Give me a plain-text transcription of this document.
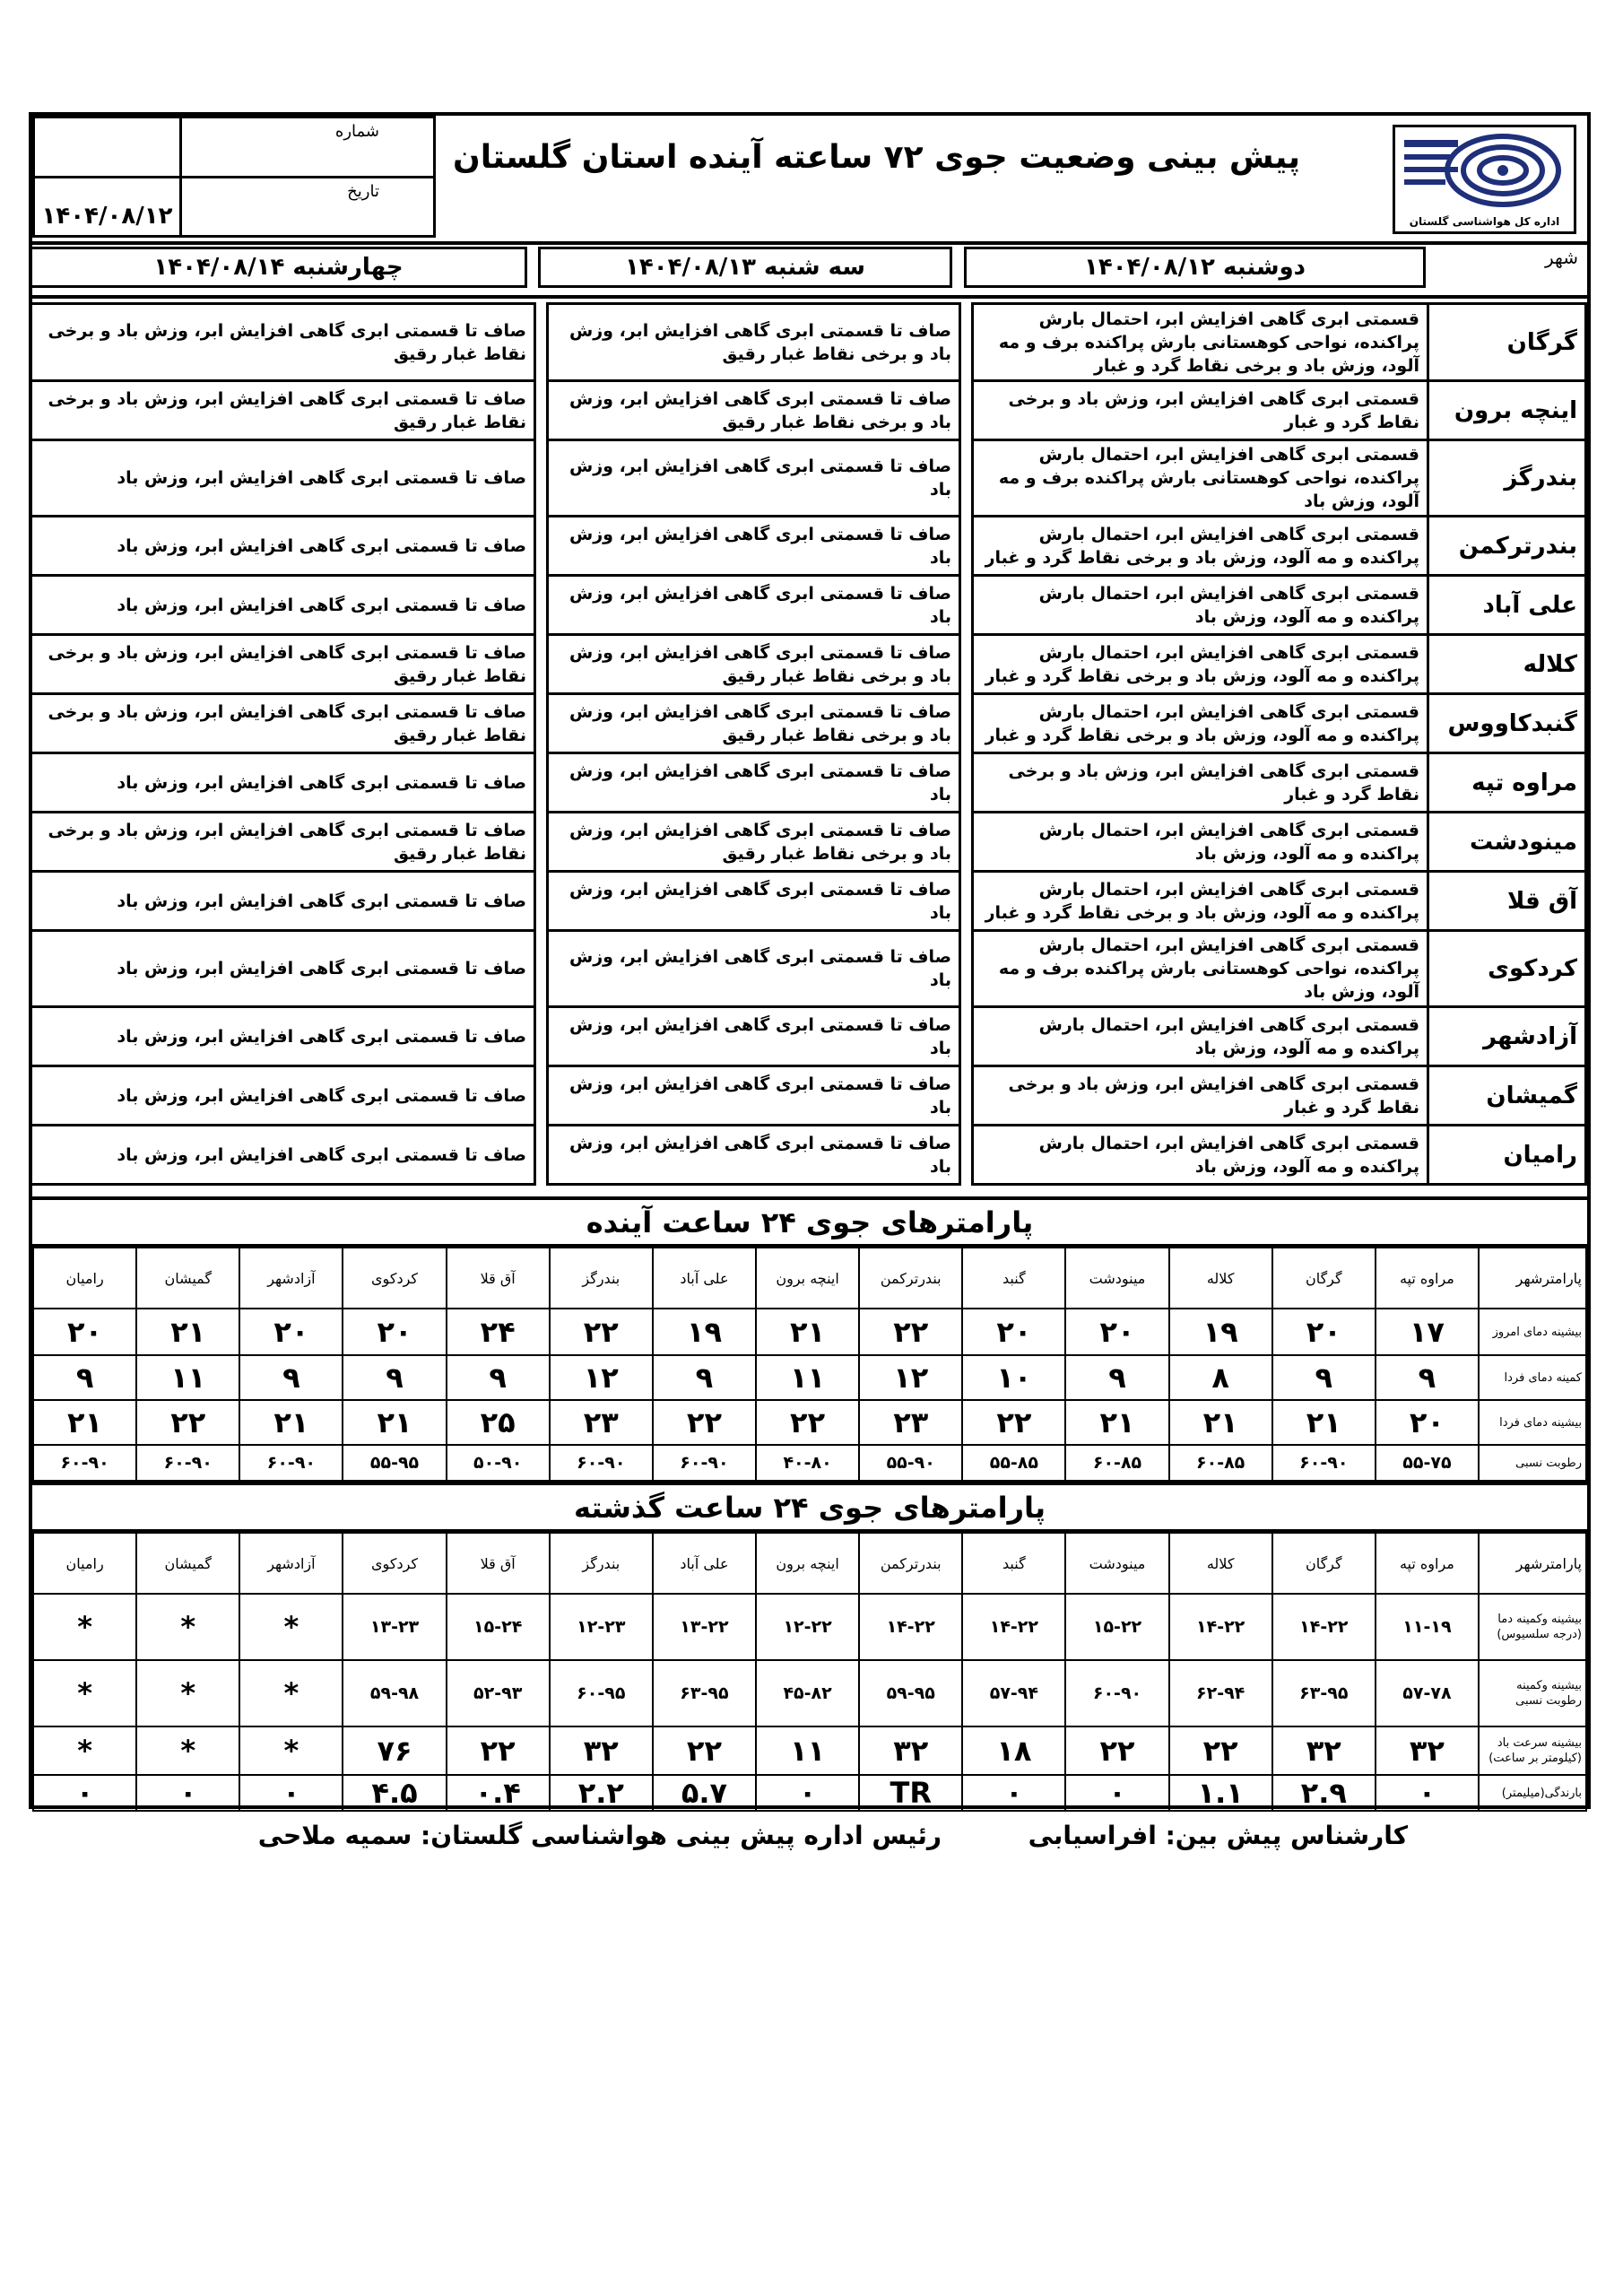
اداره کل هواشناسی گلستان
پیش بینی وضعیت جوی ۷۲ ساعته آینده استان گلستان
شماره	
تاریخ	۱۴۰۴/۰۸/۱۲
شهر
دوشنبه ۱۴۰۴/۰۸/۱۲
سه شنبه ۱۴۰۴/۰۸/۱۳
چهارشنبه ۱۴۰۴/۰۸/۱۴
گرگان	قسمتی ابری گاهی افزایش ابر، احتمال بارش پراکنده، نواحی کوهستانی بارش پراکنده برف و مه آلود، وزش باد و برخی نقاط گرد و غبار		صاف تا قسمتی ابری گاهی افزایش ابر، وزش باد و برخی نقاط غبار رقیق		صاف تا قسمتی ابری گاهی افزایش ابر، وزش باد و برخی نقاط غبار رقیق
اینچه برون	قسمتی ابری گاهی افزایش ابر، وزش باد و برخی نقاط گرد و غبار		صاف تا قسمتی ابری گاهی افزایش ابر، وزش باد و برخی نقاط غبار رقیق		صاف تا قسمتی ابری گاهی افزایش ابر، وزش باد و برخی نقاط غبار رقیق
بندرگز	قسمتی ابری گاهی افزایش ابر، احتمال بارش پراکنده، نواحی کوهستانی بارش پراکنده برف و مه آلود، وزش باد		صاف تا قسمتی ابری گاهی افزایش ابر، وزش باد		صاف تا قسمتی ابری گاهی افزایش ابر، وزش باد
بندرترکمن	قسمتی ابری گاهی افزایش ابر، احتمال بارش پراکنده و مه آلود، وزش باد و برخی نقاط گرد و غبار		صاف تا قسمتی ابری گاهی افزایش ابر، وزش باد		صاف تا قسمتی ابری گاهی افزایش ابر، وزش باد
علی آباد	قسمتی ابری گاهی افزایش ابر، احتمال بارش پراکنده و مه آلود، وزش باد		صاف تا قسمتی ابری گاهی افزایش ابر، وزش باد		صاف تا قسمتی ابری گاهی افزایش ابر، وزش باد
کلاله	قسمتی ابری گاهی افزایش ابر، احتمال بارش پراکنده و مه آلود، وزش باد و برخی نقاط گرد و غبار		صاف تا قسمتی ابری گاهی افزایش ابر، وزش باد و برخی نقاط غبار رقیق		صاف تا قسمتی ابری گاهی افزایش ابر، وزش باد و برخی نقاط غبار رقیق
گنبدکاووس	قسمتی ابری گاهی افزایش ابر، احتمال بارش پراکنده و مه آلود، وزش باد و برخی نقاط گرد و غبار		صاف تا قسمتی ابری گاهی افزایش ابر، وزش باد و برخی نقاط غبار رقیق		صاف تا قسمتی ابری گاهی افزایش ابر، وزش باد و برخی نقاط غبار رقیق
مراوه تپه	قسمتی ابری گاهی افزایش ابر، وزش باد و برخی نقاط گرد و غبار		صاف تا قسمتی ابری گاهی افزایش ابر، وزش باد		صاف تا قسمتی ابری گاهی افزایش ابر، وزش باد
مینودشت	قسمتی ابری گاهی افزایش ابر، احتمال بارش پراکنده و مه آلود، وزش باد		صاف تا قسمتی ابری گاهی افزایش ابر، وزش باد و برخی نقاط غبار رقیق		صاف تا قسمتی ابری گاهی افزایش ابر، وزش باد و برخی نقاط غبار رقیق
آق قلا	قسمتی ابری گاهی افزایش ابر، احتمال بارش پراکنده و مه آلود، وزش باد و برخی نقاط گرد و غبار		صاف تا قسمتی ابری گاهی افزایش ابر، وزش باد		صاف تا قسمتی ابری گاهی افزایش ابر، وزش باد
کردکوی	قسمتی ابری گاهی افزایش ابر، احتمال بارش پراکنده، نواحی کوهستانی بارش پراکنده برف و مه آلود، وزش باد		صاف تا قسمتی ابری گاهی افزایش ابر، وزش باد		صاف تا قسمتی ابری گاهی افزایش ابر، وزش باد
آزادشهر	قسمتی ابری گاهی افزایش ابر، احتمال بارش پراکنده و مه آلود، وزش باد		صاف تا قسمتی ابری گاهی افزایش ابر، وزش باد		صاف تا قسمتی ابری گاهی افزایش ابر، وزش باد
گمیشان	قسمتی ابری گاهی افزایش ابر، وزش باد و برخی نقاط گرد و غبار		صاف تا قسمتی ابری گاهی افزایش ابر، وزش باد		صاف تا قسمتی ابری گاهی افزایش ابر، وزش باد
رامیان	قسمتی ابری گاهی افزایش ابر، احتمال بارش پراکنده و مه آلود، وزش باد		صاف تا قسمتی ابری گاهی افزایش ابر، وزش باد		صاف تا قسمتی ابری گاهی افزایش ابر، وزش باد
پارامترهای جوی ۲۴ ساعت آینده
پارامترشهر	مراوه تپه	گرگان	کلاله	مینودشت	گنبد	بندرترکمن	اینچه برون	علی آباد	بندرگز	آق قلا	کردکوی	آزادشهر	گمیشان	رامیان
بیشینه دمای امروز	۱۷	۲۰	۱۹	۲۰	۲۰	۲۲	۲۱	۱۹	۲۲	۲۴	۲۰	۲۰	۲۱	۲۰
کمینه دمای فردا	۹	۹	۸	۹	۱۰	۱۲	۱۱	۹	۱۲	۹	۹	۹	۱۱	۹
بیشینه دمای فردا	۲۰	۲۱	۲۱	۲۱	۲۲	۲۳	۲۲	۲۲	۲۳	۲۵	۲۱	۲۱	۲۲	۲۱
رطوبت نسبی	۵۵-۷۵	۶۰-۹۰	۶۰-۸۵	۶۰-۸۵	۵۵-۸۵	۵۵-۹۰	۴۰-۸۰	۶۰-۹۰	۶۰-۹۰	۵۰-۹۰	۵۵-۹۵	۶۰-۹۰	۶۰-۹۰	۶۰-۹۰
پارامترهای جوی ۲۴ ساعت گذشته
پارامترشهر	مراوه تپه	گرگان	کلاله	مینودشت	گنبد	بندرترکمن	اینچه برون	علی آباد	بندرگز	آق قلا	کردکوی	آزادشهر	گمیشان	رامیان
بیشینه وکمینه دما (درجه سلسیوس)	۱۱-۱۹	۱۴-۲۲	۱۴-۲۲	۱۵-۲۲	۱۴-۲۲	۱۴-۲۲	۱۲-۲۲	۱۳-۲۲	۱۲-۲۳	۱۵-۲۴	۱۳-۲۳	*	*	*
بیشینه وکمینه رطوبت نسبی	۵۷-۷۸	۶۳-۹۵	۶۲-۹۴	۶۰-۹۰	۵۷-۹۴	۵۹-۹۵	۴۵-۸۲	۶۳-۹۵	۶۰-۹۵	۵۲-۹۳	۵۹-۹۸	*	*	*
بیشینه سرعت باد (کیلومتر بر ساعت)	۳۲	۳۲	۲۲	۲۲	۱۸	۳۲	۱۱	۲۲	۳۲	۲۲	۷۶	*	*	*
بارندگی(میلیمتر)	۰	۲.۹	۱.۱	۰	۰	TR	۰	۵.۷	۲.۲	۰.۴	۴.۵	۰	۰	۰
کارشناس پیش بین: افراسیابی
رئیس اداره پیش بینی هواشناسی گلستان: سمیه ملاحی
